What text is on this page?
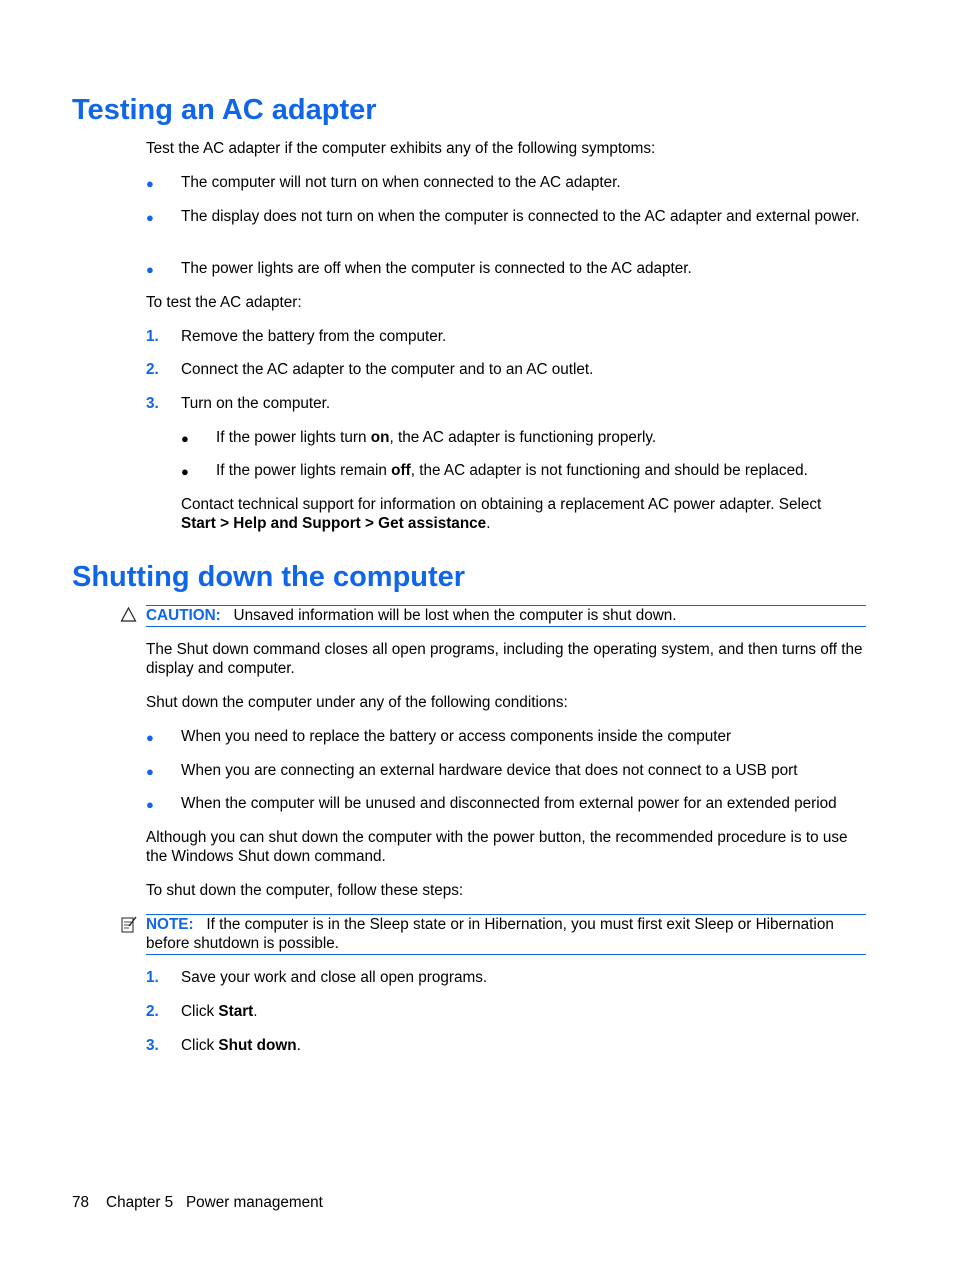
Testing an AC adapter
Test the AC adapter if the computer exhibits any of the following symptoms:
● The computer will not turn on when connected to the AC adapter.
● The display does not turn on when the computer is connected to the AC adapter and external power.
● The power lights are off when the computer is connected to the AC adapter.
To test the AC adapter:
1. Remove the battery from the computer.
2. Connect the AC adapter to the computer and to an AC outlet.
3. Turn on the computer.
● If the power lights turn on, the AC adapter is functioning properly.
● If the power lights remain off, the AC adapter is not functioning and should be replaced.
Contact technical support for information on obtaining a replacement AC power adapter. Select
Start > Help and Support > Get assistance.
Shutting down the computer
CAUTION: Unsaved information will be lost when the computer is shut down.
The Shut down command closes all open programs, including the operating system, and then turns off the display and computer.
Shut down the computer under any of the following conditions:
● When you need to replace the battery or access components inside the computer
● When you are connecting an external hardware device that does not connect to a USB port
● When the computer will be unused and disconnected from external power for an extended period
Although you can shut down the computer with the power button, the recommended procedure is to use the Windows Shut down command.
To shut down the computer, follow these steps:
NOTE: If the computer is in the Sleep state or in Hibernation, you must first exit Sleep or Hibernation before shutdown is possible.
1. Save your work and close all open programs.
2. Click Start.
3. Click Shut down.
78 Chapter 5 Power management
